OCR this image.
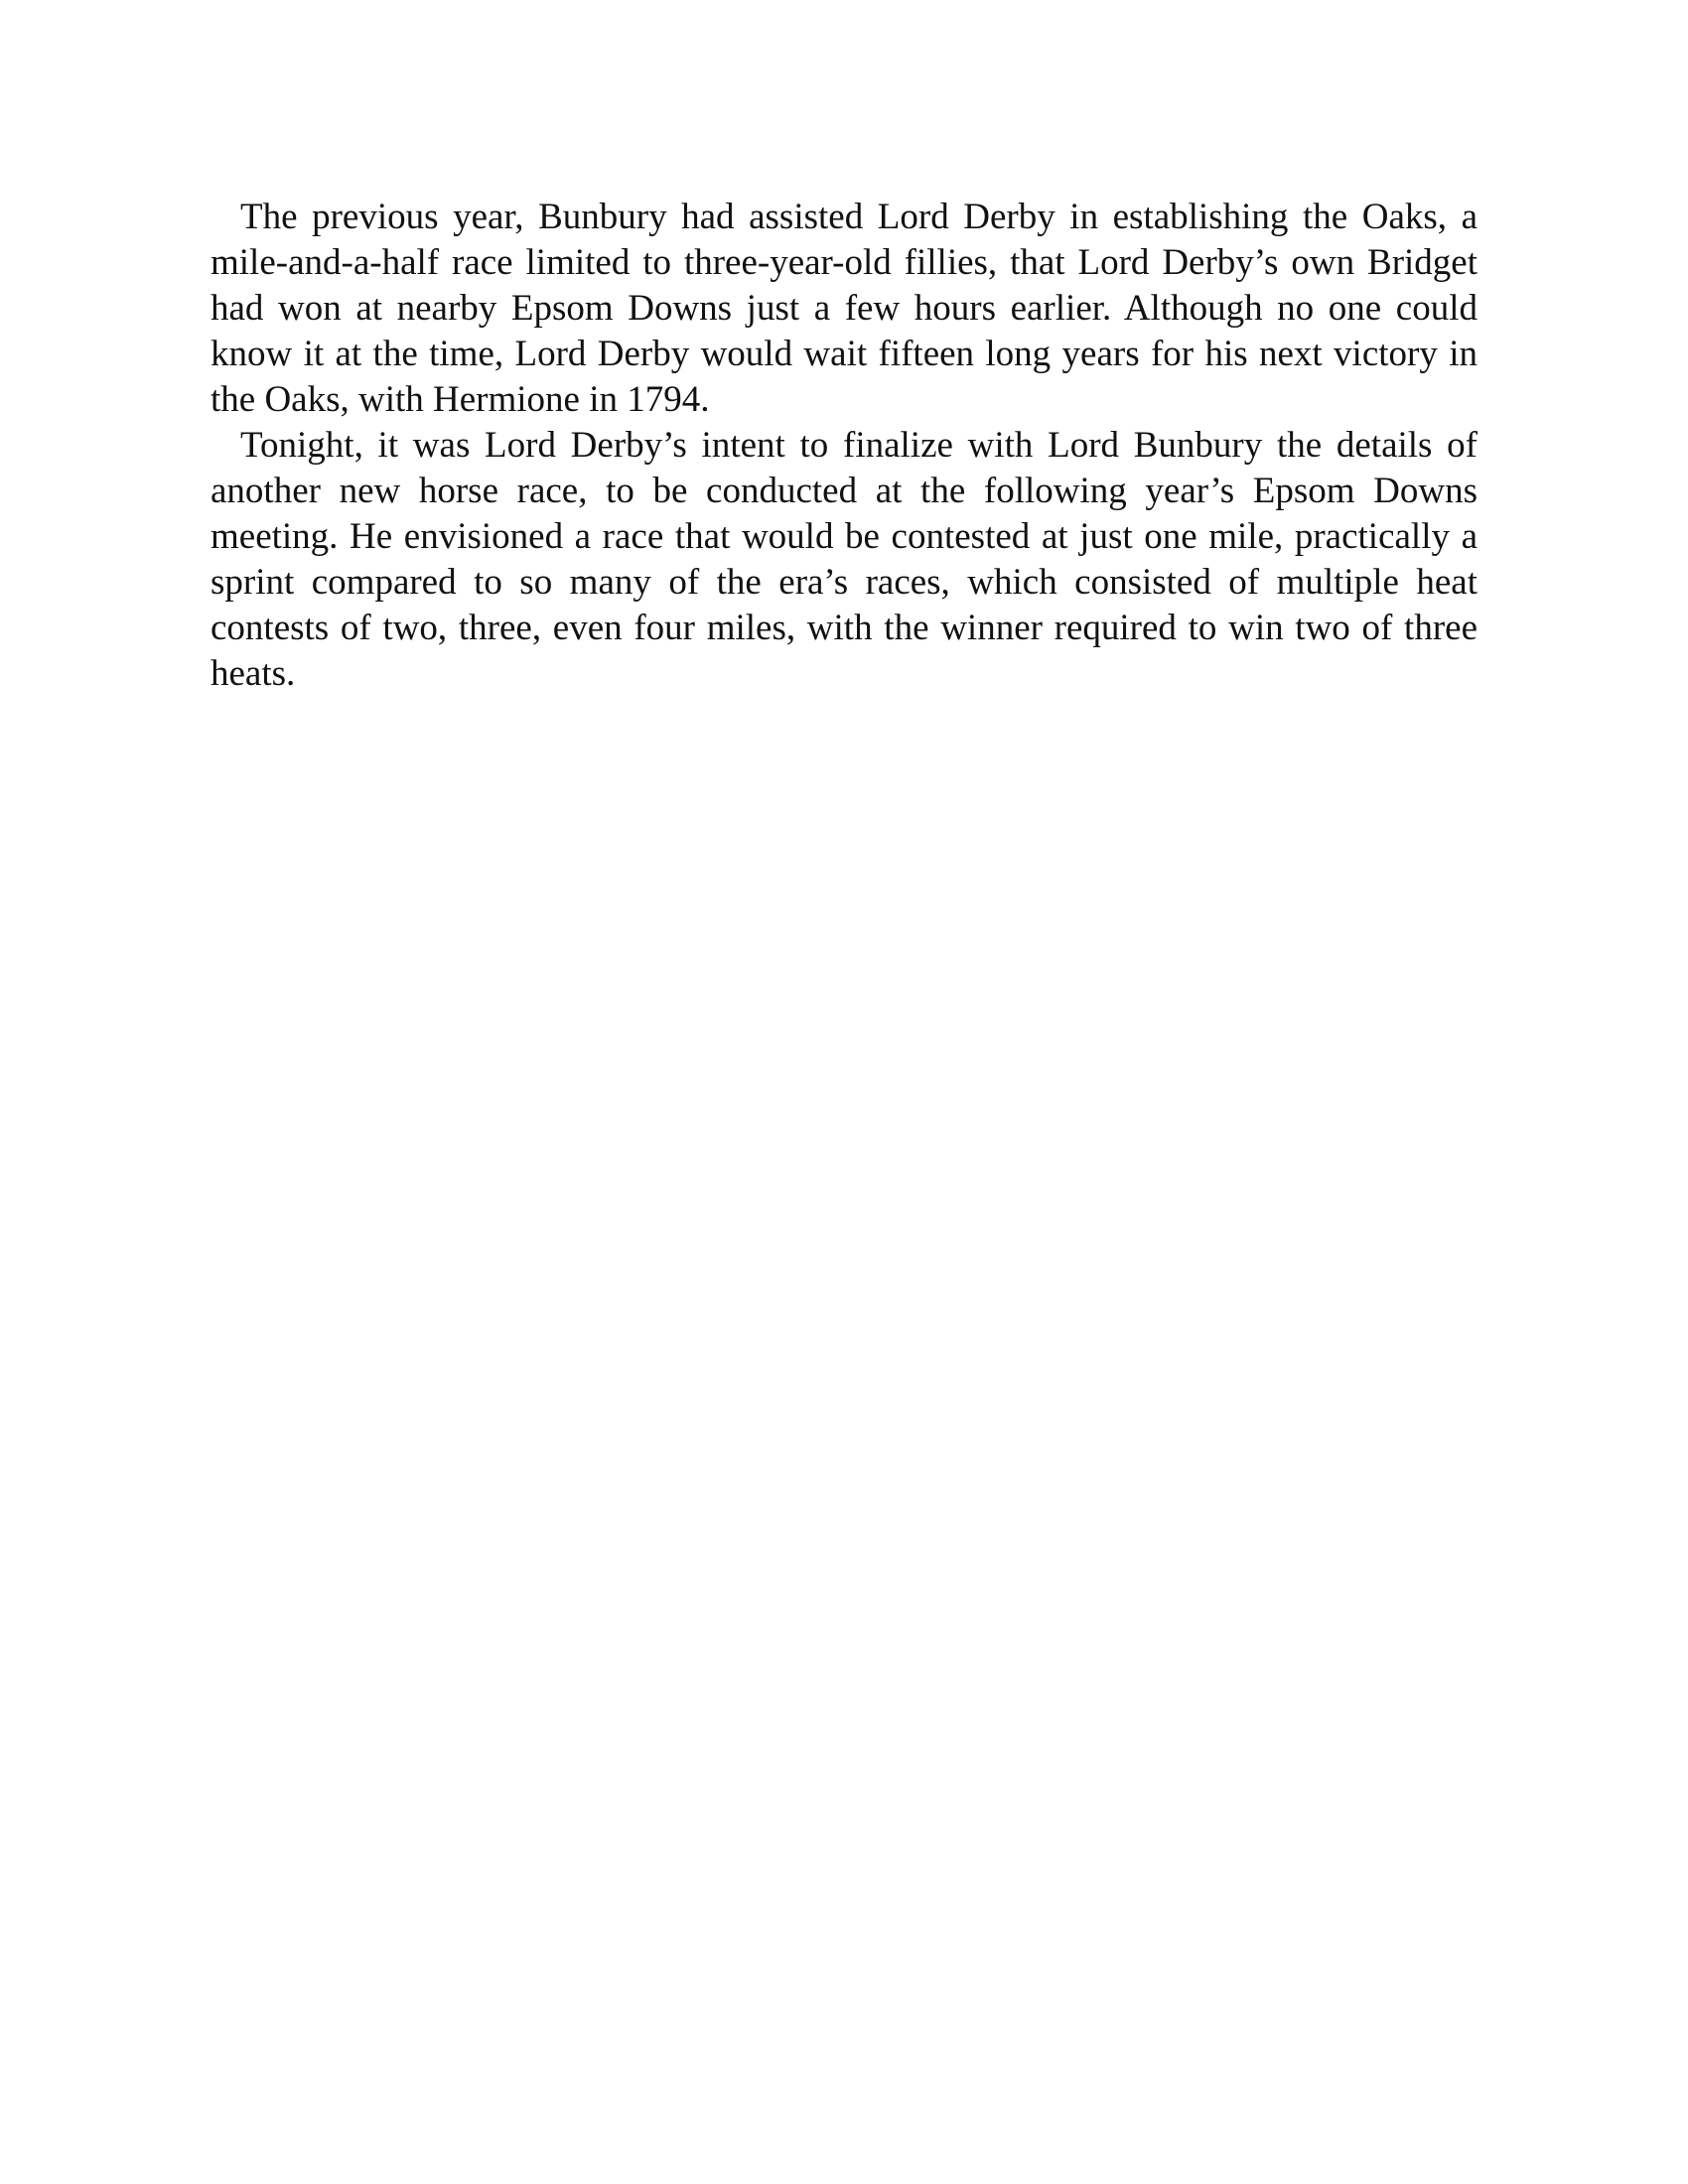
The previous year, Bunbury had assisted Lord Derby in establishing the Oaks, a mile-and-a-half race limited to three-year-old fillies, that Lord Derby’s own Bridget had won at nearby Epsom Downs just a few hours earlier. Although no one could know it at the time, Lord Derby would wait fifteen long years for his next victory in the Oaks, with Hermione in 1794.

Tonight, it was Lord Derby’s intent to finalize with Lord Bunbury the details of another new horse race, to be conducted at the following year’s Epsom Downs meeting. He envisioned a race that would be contested at just one mile, practically a sprint compared to so many of the era’s races, which consisted of multiple heat contests of two, three, even four miles, with the winner required to win two of three heats.
